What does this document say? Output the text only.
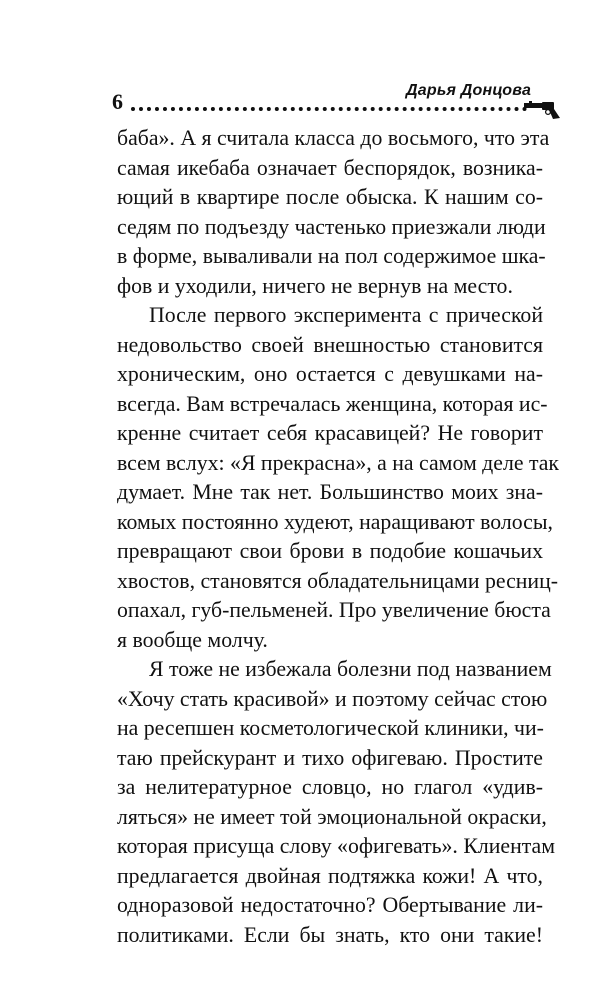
6	Дарья Донцова
баба». А я считала класса до восьмого, что эта
самая икебаба означает беспорядок, возника-
ющий в квартире после обыска. К нашим со-
седям по подъезду частенько приезжали люди
в форме, вываливали на пол содержимое шка-
фов и уходили, ничего не вернув на место.
После первого эксперимента с прической
недовольство своей внешностью становится
хроническим, оно остается с девушками на-
всегда. Вам встречалась женщина, которая ис-
кренне считает себя красавицей? Не говорит
всем вслух: «Я прекрасна», а на самом деле так
думает. Мне так нет. Большинство моих зна-
комых постоянно худеют, наращивают волосы,
превращают свои брови в подобие кошачьих
хвостов, становятся обладательницами ресниц-
опахал, губ-пельменей. Про увеличение бюста
я вообще молчу.
Я тоже не избежала болезни под названием
«Хочу стать красивой» и поэтому сейчас стою
на ресепшен косметологической клиники, чи-
таю прейскурант и тихо офигеваю. Простите
за нелитературное словцо, но глагол «удив-
ляться» не имеет той эмоциональной окраски,
которая присуща слову «офигевать». Клиентам
предлагается двойная подтяжка кожи! А что,
одноразовой недостаточно? Обертывание ли-
политиками. Если бы знать, кто они такие!
